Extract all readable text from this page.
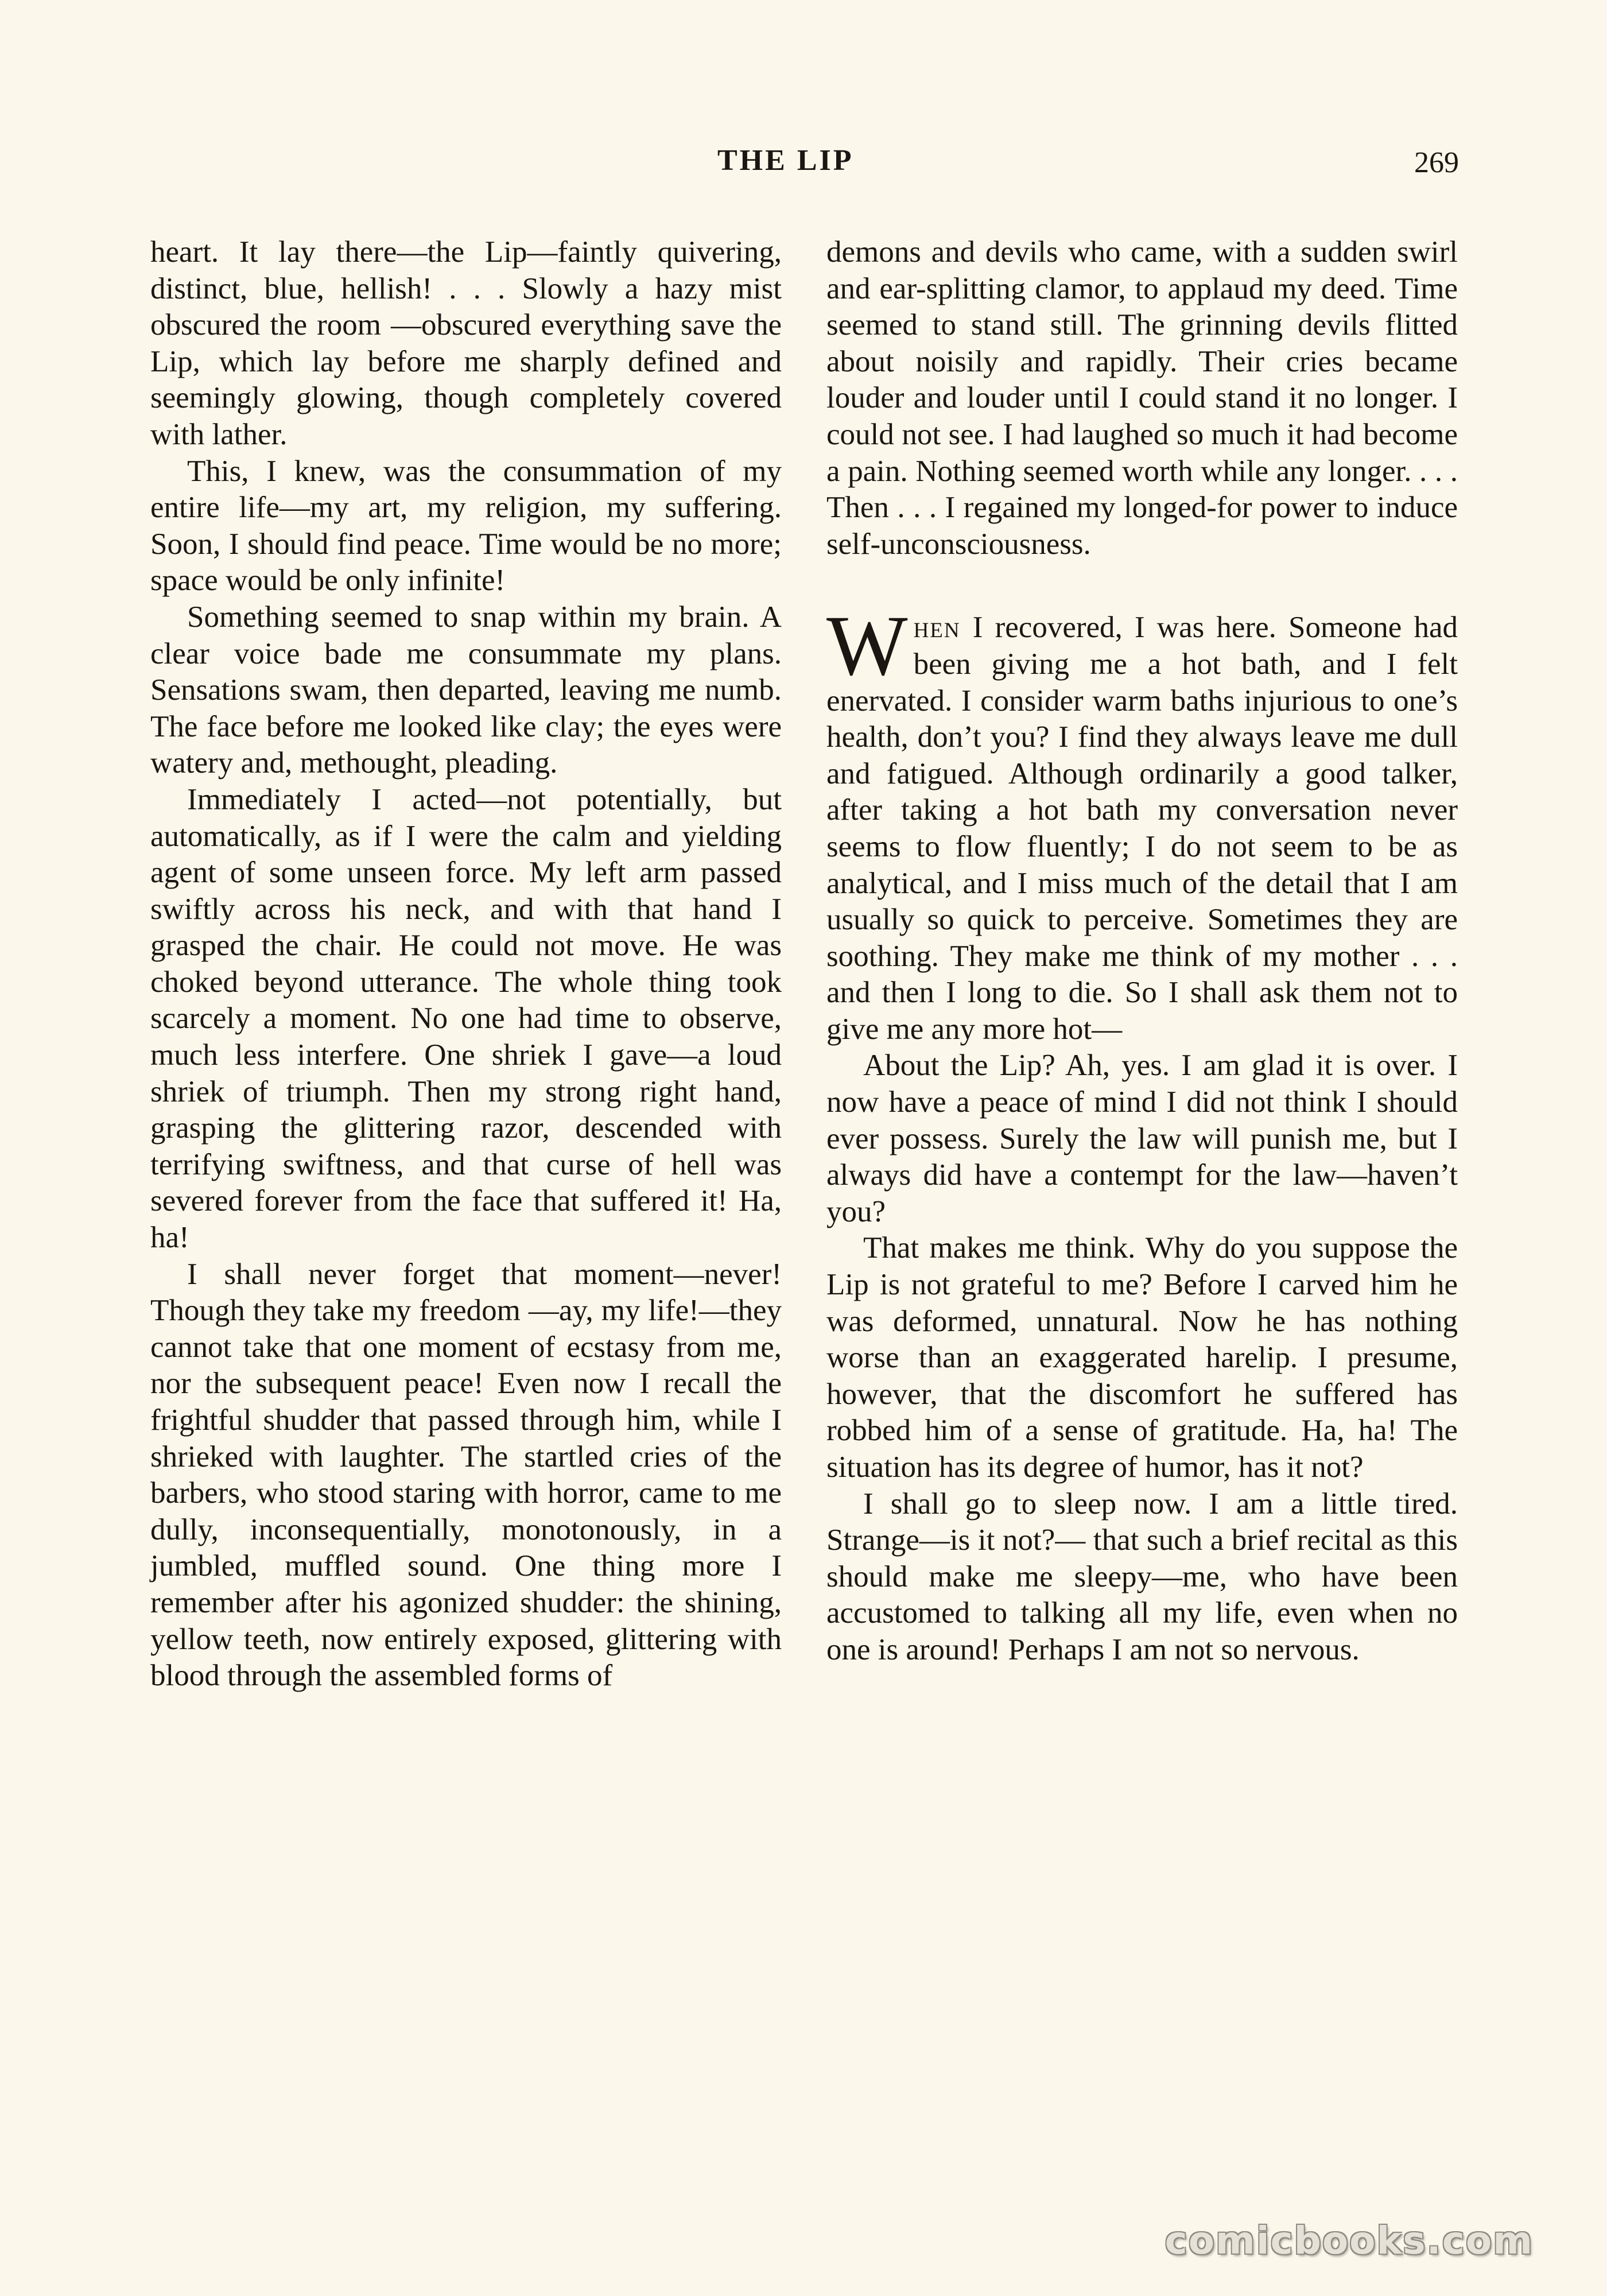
THE LIP	269

heart. It lay there—the Lip—faintly quivering, distinct, blue, hellish! . . . Slowly a hazy mist obscured the room —obscured everything save the Lip, which lay before me sharply defined and seemingly glowing, though completely covered with lather.

This, I knew, was the consummation of my entire life—my art, my religion, my suffering. Soon, I should find peace. Time would be no more; space would be only infinite!

Something seemed to snap within my brain. A clear voice bade me consummate my plans. Sensations swam, then departed, leaving me numb. The face before me looked like clay; the eyes were watery and, methought, pleading.

Immediately I acted—not potentially, but automatically, as if I were the calm and yielding agent of some unseen force. My left arm passed swiftly across his neck, and with that hand I grasped the chair. He could not move. He was choked beyond utterance. The whole thing took scarcely a moment. No one had time to observe, much less interfere. One shriek I gave—a loud shriek of triumph. Then my strong right hand, grasping the glittering razor, descended with terrifying swiftness, and that curse of hell was severed forever from the face that suffered it! Ha, ha!

I shall never forget that moment—never! Though they take my freedom —ay, my life!—they cannot take that one moment of ecstasy from me, nor the subsequent peace! Even now I recall the frightful shudder that passed through him, while I shrieked with laughter. The startled cries of the barbers, who stood staring with horror, came to me dully, inconsequentially, monotonously, in a jumbled, muffled sound. One thing more I remember after his agonized shudder: the shining, yellow teeth, now entirely exposed, glittering with blood through the assembled forms of

demons and devils who came, with a sudden swirl and ear-splitting clamor, to applaud my deed. Time seemed to stand still. The grinning devils flitted about noisily and rapidly. Their cries became louder and louder until I could stand it no longer. I could not see. I had laughed so much it had become a pain. Nothing seemed worth while any longer. . . . Then . . . I regained my longed-for power to induce self-unconsciousness.

When I recovered, I was here. Someone had been giving me a hot bath, and I felt enervated. I consider warm baths injurious to one’s health, don’t you? I find they always leave me dull and fatigued. Although ordinarily a good talker, after taking a hot bath my conversation never seems to flow fluently; I do not seem to be as analytical, and I miss much of the detail that I am usually so quick to perceive. Sometimes they are soothing. They make me think of my mother . . . and then I long to die. So I shall ask them not to give me any more hot—

About the Lip? Ah, yes. I am glad it is over. I now have a peace of mind I did not think I should ever possess. Surely the law will punish me, but I always did have a contempt for the law—haven’t you?

That makes me think. Why do you suppose the Lip is not grateful to me? Before I carved him he was deformed, unnatural. Now he has nothing worse than an exaggerated harelip. I presume, however, that the discomfort he suffered has robbed him of a sense of gratitude. Ha, ha! The situation has its degree of humor, has it not?

I shall go to sleep now. I am a little tired. Strange—is it not?— that such a brief recital as this should make me sleepy—me, who have been accustomed to talking all my life, even when no one is around! Perhaps I am not so nervous.

comicbooks.com
